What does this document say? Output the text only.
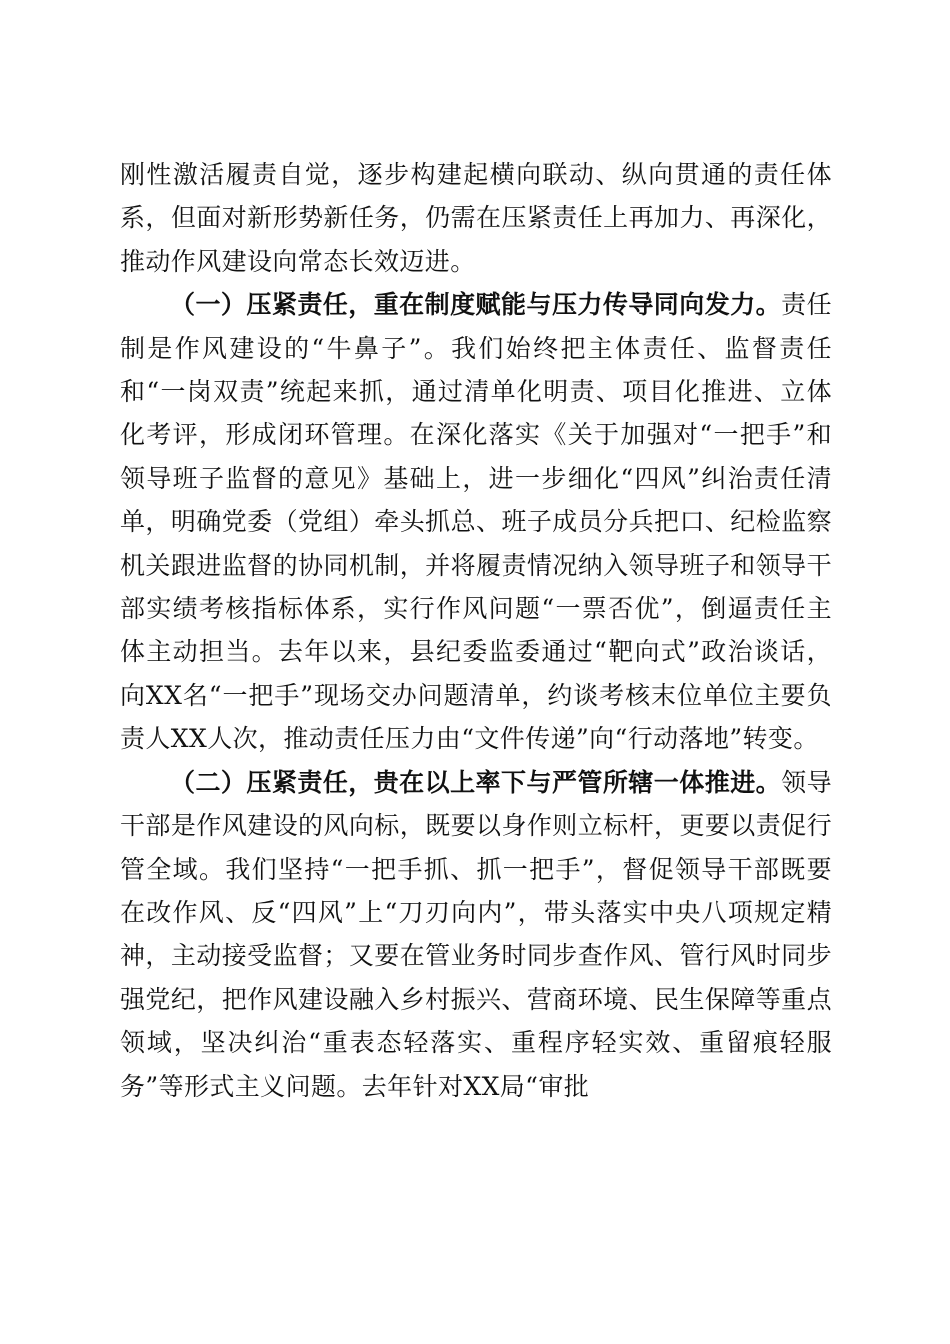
刚性激活履责自觉，逐步构建起横向联动、纵向贯通的责任体系，但面对新形势新任务，仍需在压紧责任上再加力、再深化，推动作风建设向常态长效迈进。

（一）压紧责任，重在制度赋能与压力传导同向发力。责任制是作风建设的“牛鼻子”。我们始终把主体责任、监督责任和“一岗双责”统起来抓，通过清单化明责、项目化推进、立体化考评，形成闭环管理。在深化落实《关于加强对“一把手”和领导班子监督的意见》基础上，进一步细化“四风”纠治责任清单，明确党委（党组）牵头抓总、班子成员分兵把口、纪检监察机关跟进监督的协同机制，并将履责情况纳入领导班子和领导干部实绩考核指标体系，实行作风问题“一票否优”，倒逼责任主体主动担当。去年以来，县纪委监委通过“靶向式”政治谈话，向XX名“一把手”现场交办问题清单，约谈考核末位单位主要负责人XX人次，推动责任压力由“文件传递”向“行动落地”转变。

（二）压紧责任，贵在以上率下与严管所辖一体推进。领导干部是作风建设的风向标，既要以身作则立标杆，更要以责促行管全域。我们坚持“一把手抓、抓一把手”，督促领导干部既要在改作风、反“四风”上“刀刃向内”，带头落实中央八项规定精神，主动接受监督；又要在管业务时同步查作风、管行风时同步强党纪，把作风建设融入乡村振兴、营商环境、民生保障等重点领域，坚决纠治“重表态轻落实、重程序轻实效、重留痕轻服务”等形式主义问题。去年针对XX局“审批
